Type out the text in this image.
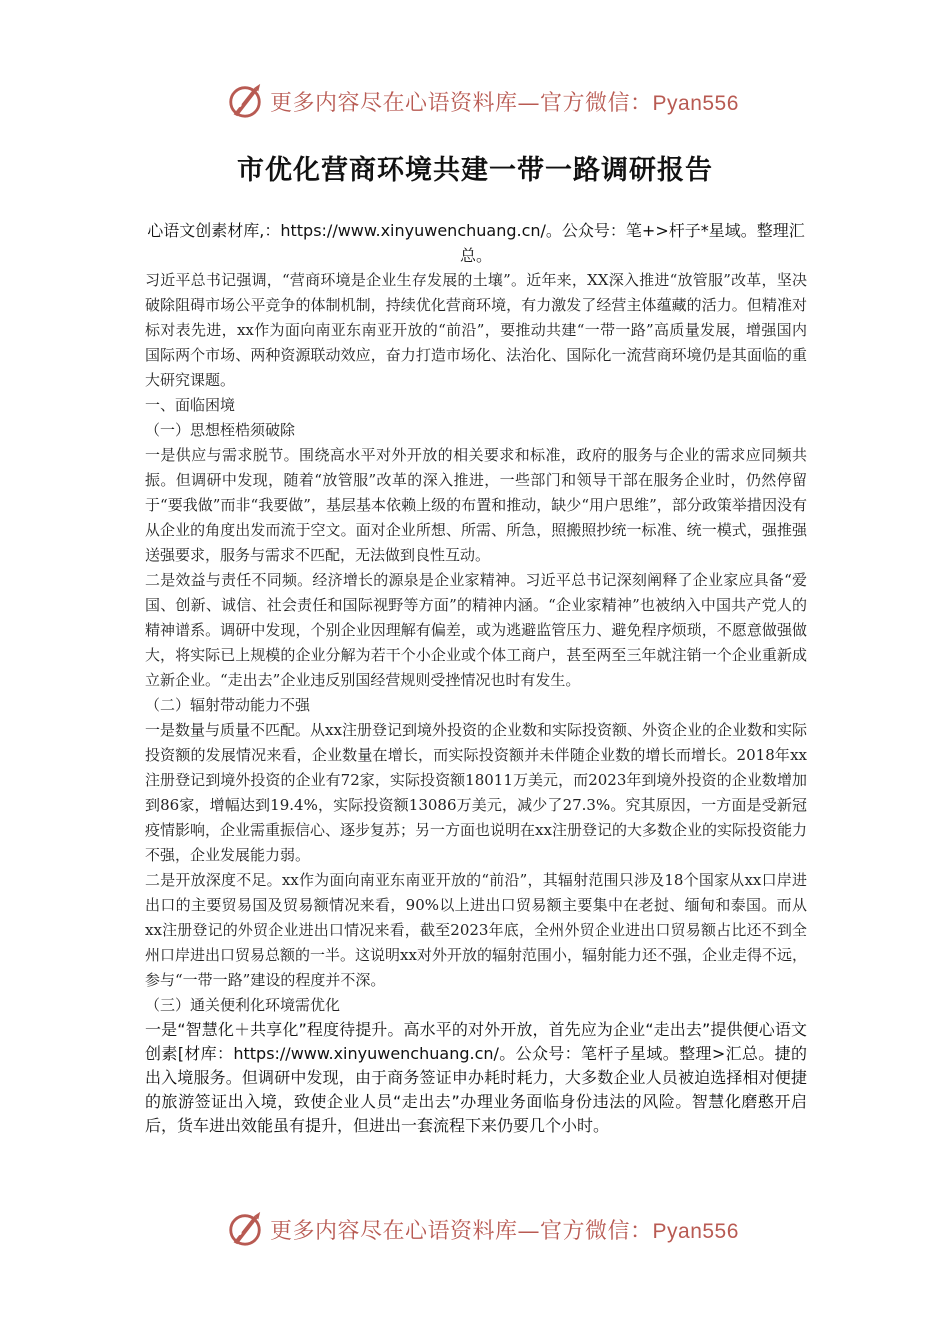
更多内容尽在心语资料库—官方微信：Pyan556
市优化营商环境共建一带一路调研报告

心语文创素材库,：https://www.xinyuwenchuang.cn/。公众号：笔+>杆子*星域。整理汇总。

习近平总书记强调，“营商环境是企业生存发展的土壤”。近年来，XX深入推进“放管服”改革，坚决破除阻碍市场公平竞争的体制机制，持续优化营商环境，有力激发了经营主体蕴藏的活力。但精准对标对表先进，xx作为面向南亚东南亚开放的“前沿”，要推动共建“一带一路”高质量发展，增强国内国际两个市场、两种资源联动效应，奋力打造市场化、法治化、国际化一流营商环境仍是其面临的重大研究课题。

一、面临困境

（一）思想桎梏须破除

一是供应与需求脱节。围绕高水平对外开放的相关要求和标准，政府的服务与企业的需求应同频共振。但调研中发现，随着“放管服”改革的深入推进，一些部门和领导干部在服务企业时，仍然停留于“要我做”而非“我要做”，基层基本依赖上级的布置和推动，缺少“用户思维”，部分政策举措因没有从企业的角度出发而流于空文。面对企业所想、所需、所急，照搬照抄统一标准、统一模式，强推强送强要求，服务与需求不匹配，无法做到良性互动。

二是效益与责任不同频。经济增长的源泉是企业家精神。习近平总书记深刻阐释了企业家应具备“爱国、创新、诚信、社会责任和国际视野等方面”的精神内涵。“企业家精神”也被纳入中国共产党人的精神谱系。调研中发现，个别企业因理解有偏差，或为逃避监管压力、避免程序烦琐，不愿意做强做大，将实际已上规模的企业分解为若干个小企业或个体工商户，甚至两至三年就注销一个企业重新成立新企业。“走出去”企业违反别国经营规则受挫情况也时有发生。

（二）辐射带动能力不强

一是数量与质量不匹配。从xx注册登记到境外投资的企业数和实际投资额、外资企业的企业数和实际投资额的发展情况来看，企业数量在增长，而实际投资额并未伴随企业数的增长而增长。2018年xx注册登记到境外投资的企业有72家，实际投资额18011万美元，而2023年到境外投资的企业数增加到86家，增幅达到19.4%，实际投资额13086万美元，减少了27.3%。究其原因，一方面是受新冠疫情影响，企业需重振信心、逐步复苏；另一方面也说明在xx注册登记的大多数企业的实际投资能力不强，企业发展能力弱。

二是开放深度不足。xx作为面向南亚东南亚开放的“前沿”，其辐射范围只涉及18个国家从xx口岸进出口的主要贸易国及贸易额情况来看，90%以上进出口贸易额主要集中在老挝、缅甸和泰国。而从xx注册登记的外贸企业进出口情况来看，截至2023年底，全州外贸企业进出口贸易额占比还不到全州口岸进出口贸易总额的一半。这说明xx对外开放的辐射范围小，辐射能力还不强，企业走得不远，参与“一带一路”建设的程度并不深。

（三）通关便利化环境需优化

一是“智慧化＋共享化”程度待提升。高水平的对外开放，首先应为企业“走出去”提供便心语文创素[材库：https://www.xinyuwenchuang.cn/。公众号：笔杆子星域。整理>汇总。捷的出入境服务。但调研中发现，由于商务签证申办耗时耗力，大多数企业人员被迫选择相对便捷的旅游签证出入境，致使企业人员“走出去”办理业务面临身份违法的风险。智慧化磨憨开启后，货车进出效能虽有提升，但进出一套流程下来仍要几个小时。

更多内容尽在心语资料库—官方微信：Pyan556
